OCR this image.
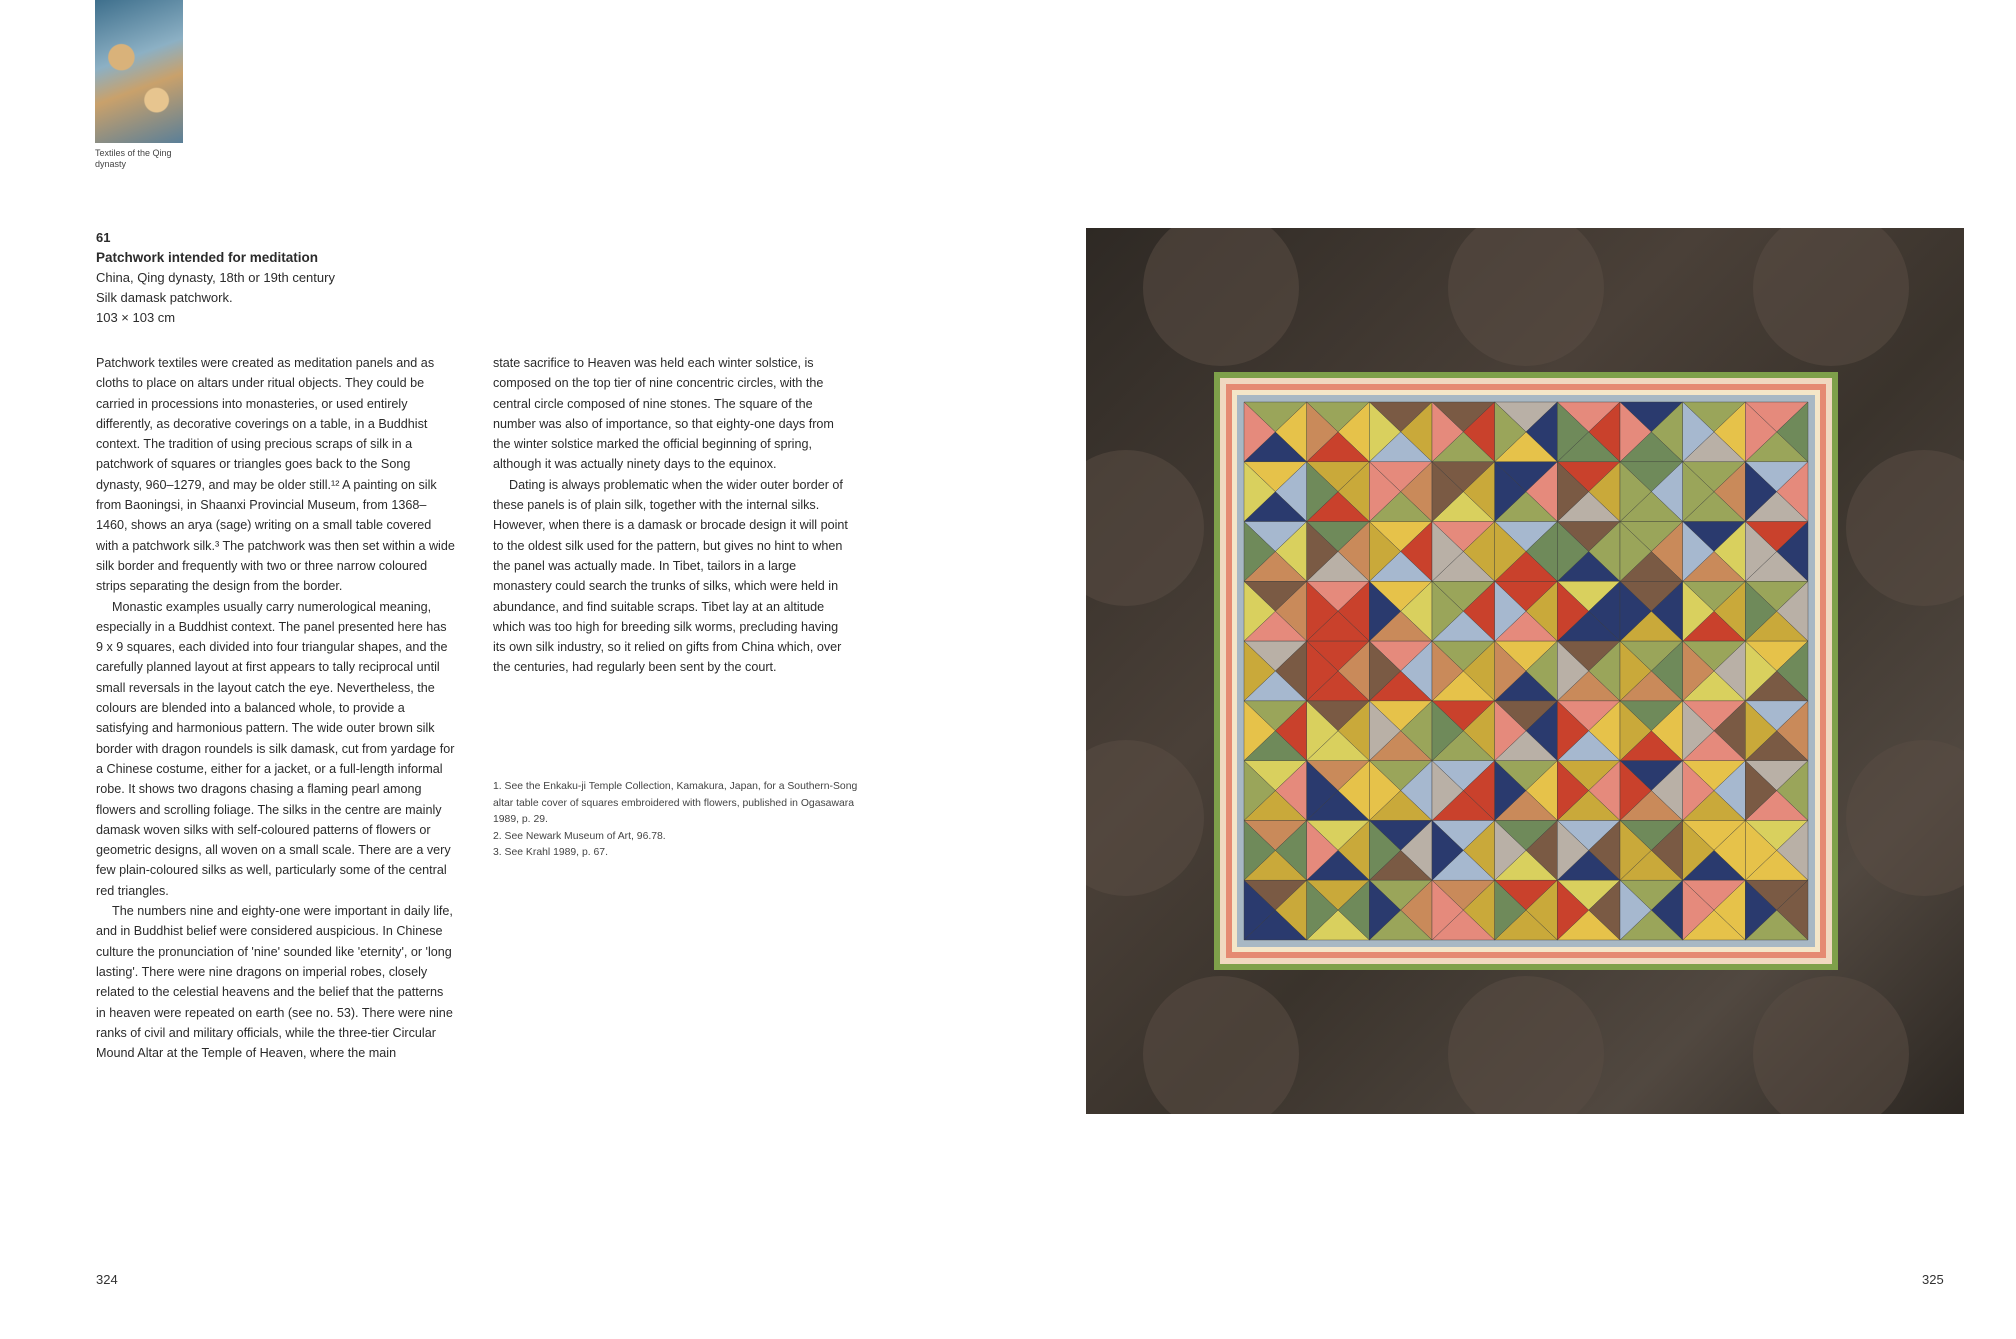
Textiles of the Qing dynasty
61
Patchwork intended for meditation
China, Qing dynasty, 18th or 19th century
Silk damask patchwork.
103 × 103 cm

Patchwork textiles were created as meditation panels and as cloths to place on altars under ritual objects. They could be carried in processions into monasteries, or used entirely differently, as decorative coverings on a table, in a Buddhist context. The tradition of using precious scraps of silk in a patchwork of squares or triangles goes back to the Song dynasty, 960–1279, and may be older still.¹² A painting on silk from Baoningsi, in Shaanxi Provincial Museum, from 1368–1460, shows an arya (sage) writing on a small table covered with a patchwork silk.³ The patchwork was then set within a wide silk border and frequently with two or three narrow coloured strips separating the design from the border.

Monastic examples usually carry numerological meaning, especially in a Buddhist context. The panel presented here has 9 x 9 squares, each divided into four triangular shapes, and the carefully planned layout at first appears to tally reciprocal until small reversals in the layout catch the eye. Nevertheless, the colours are blended into a balanced whole, to provide a satisfying and harmonious pattern. The wide outer brown silk border with dragon roundels is silk damask, cut from yardage for a Chinese costume, either for a jacket, or a full-length informal robe. It shows two dragons chasing a flaming pearl among flowers and scrolling foliage. The silks in the centre are mainly damask woven silks with self-coloured patterns of flowers or geometric designs, all woven on a small scale. There are a very few plain-coloured silks as well, particularly some of the central red triangles.

The numbers nine and eighty-one were important in daily life, and in Buddhist belief were considered auspicious. In Chinese culture the pronunciation of 'nine' sounded like 'eternity', or 'long lasting'. There were nine dragons on imperial robes, closely related to the celestial heavens and the belief that the patterns in heaven were repeated on earth (see no. 53). There were nine ranks of civil and military officials, while the three-tier Circular Mound Altar at the Temple of Heaven, where the main

state sacrifice to Heaven was held each winter solstice, is composed on the top tier of nine concentric circles, with the central circle composed of nine stones. The square of the number was also of importance, so that eighty-one days from the winter solstice marked the official beginning of spring, although it was actually ninety days to the equinox.

Dating is always problematic when the wider outer border of these panels is of plain silk, together with the internal silks. However, when there is a damask or brocade design it will point to the oldest silk used for the pattern, but gives no hint to when the panel was actually made. In Tibet, tailors in a large monastery could search the trunks of silks, which were held in abundance, and find suitable scraps. Tibet lay at an altitude which was too high for breeding silk worms, precluding having its own silk industry, so it relied on gifts from China which, over the centuries, had regularly been sent by the court.

1. See the Enkaku-ji Temple Collection, Kamakura, Japan, for a Southern-Song altar table cover of squares embroidered with flowers, published in Ogasawara 1989, p. 29.

2. See Newark Museum of Art, 96.78.

3. See Krahl 1989, p. 67.

324	325
